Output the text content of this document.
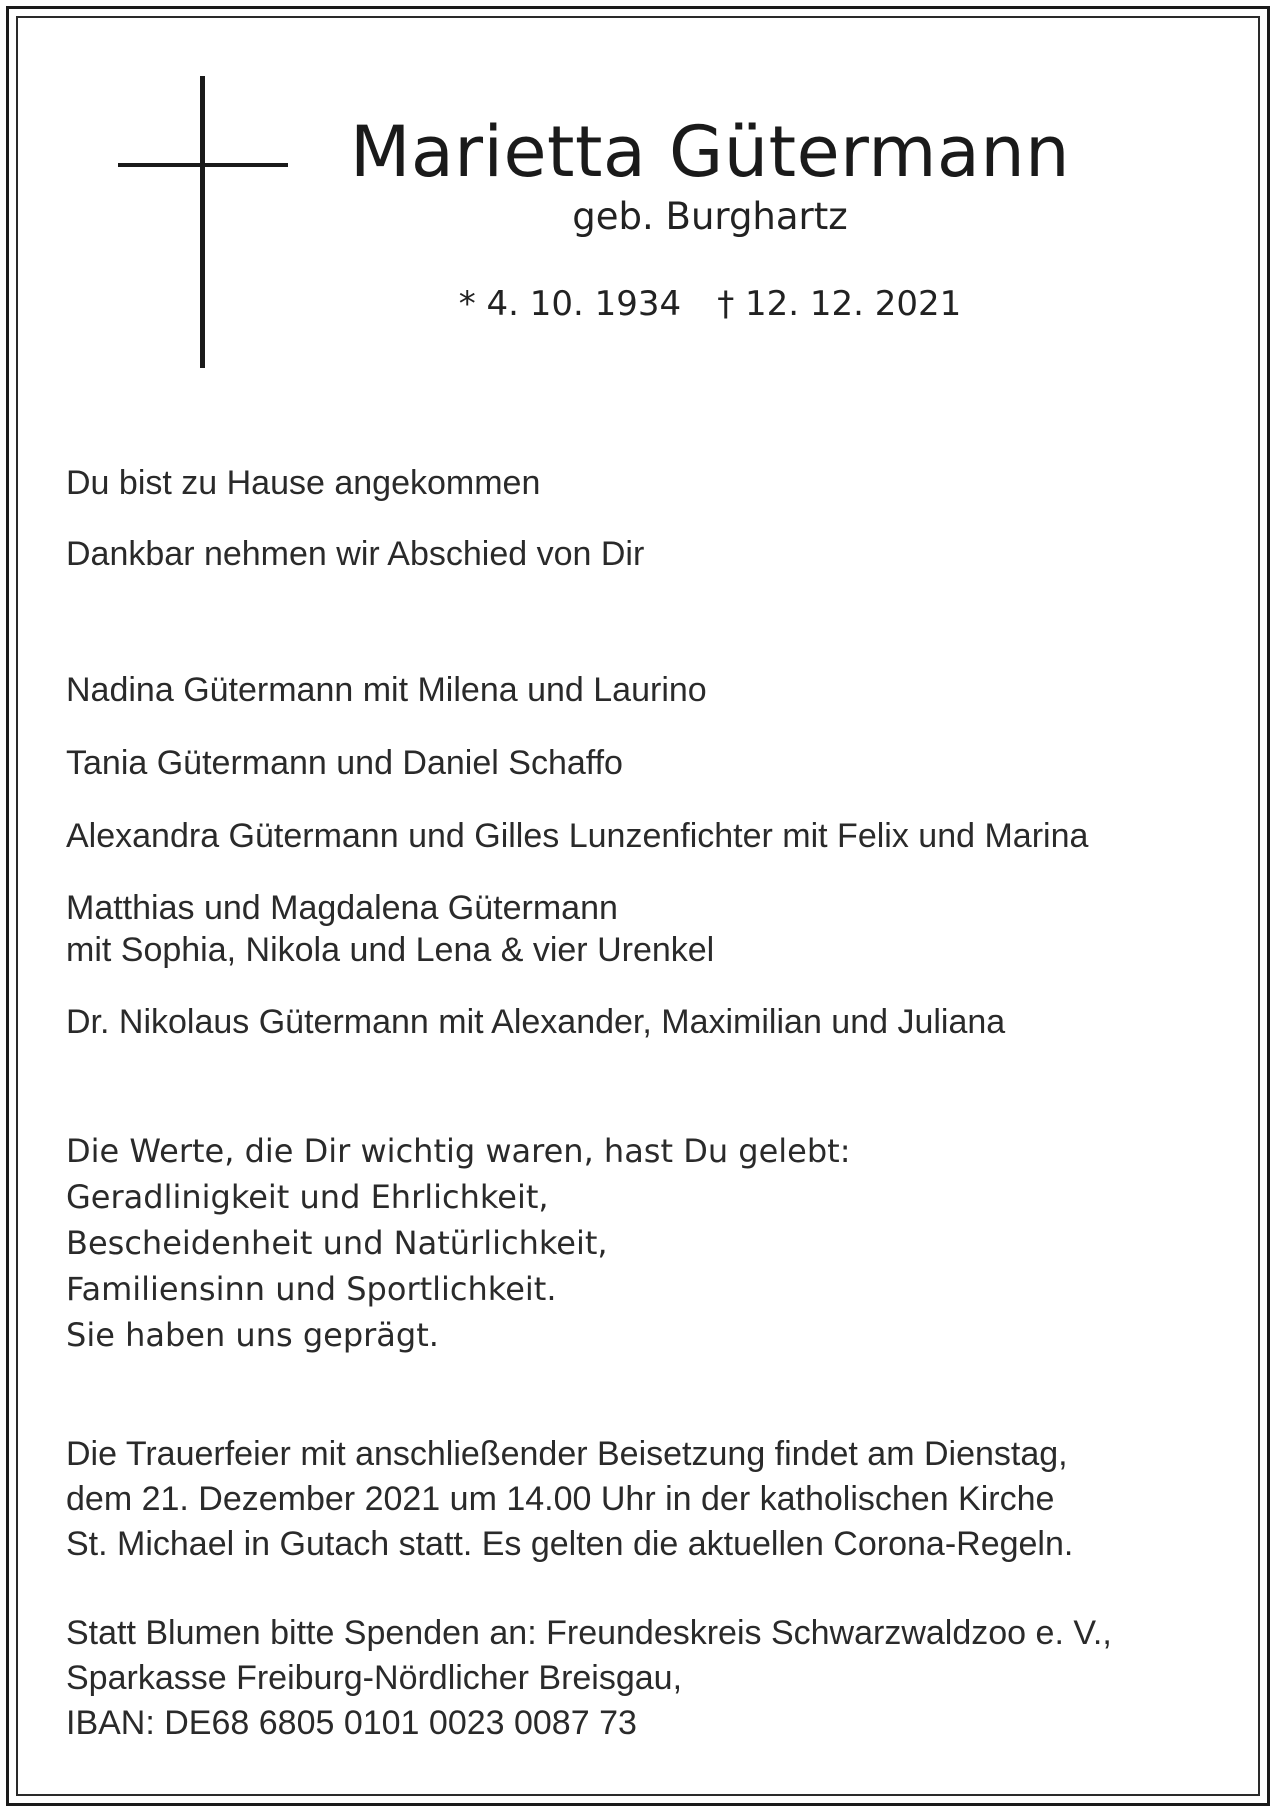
Marietta Gütermann
geb. Burghartz
* 4. 10. 1934 † 12. 12. 2021
Du bist zu Hause angekommen
Dankbar nehmen wir Abschied von Dir
Nadina Gütermann mit Milena und Laurino
Tania Gütermann und Daniel Schaffo
Alexandra Gütermann und Gilles Lunzenfichter mit Felix und Marina
Matthias und Magdalena Gütermann
mit Sophia, Nikola und Lena & vier Urenkel
Dr. Nikolaus Gütermann mit Alexander, Maximilian und Juliana
Die Werte, die Dir wichtig waren, hast Du gelebt:
Geradlinigkeit und Ehrlichkeit,
Bescheidenheit und Natürlichkeit,
Familiensinn und Sportlichkeit.
Sie haben uns geprägt.
Die Trauerfeier mit anschließender Beisetzung findet am Dienstag,
dem 21. Dezember 2021 um 14.00 Uhr in der katholischen Kirche
St. Michael in Gutach statt. Es gelten die aktuellen Corona-Regeln.
Statt Blumen bitte Spenden an: Freundeskreis Schwarzwaldzoo e. V.,
Sparkasse Freiburg-Nördlicher Breisgau,
IBAN: DE68 6805 0101 0023 0087 73
